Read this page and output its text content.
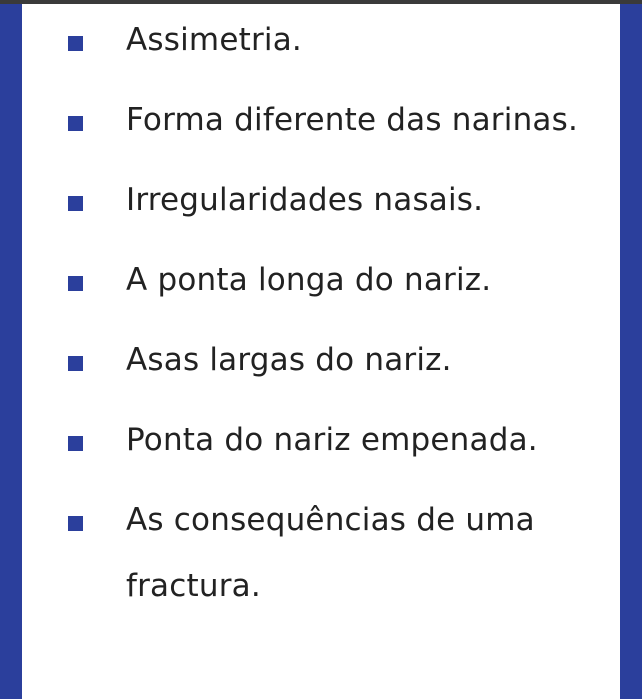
Assimetria.
Forma diferente das narinas.
Irregularidades nasais.
A ponta longa do nariz.
Asas largas do nariz.
Ponta do nariz empenada.
As consequências de uma fractura.
